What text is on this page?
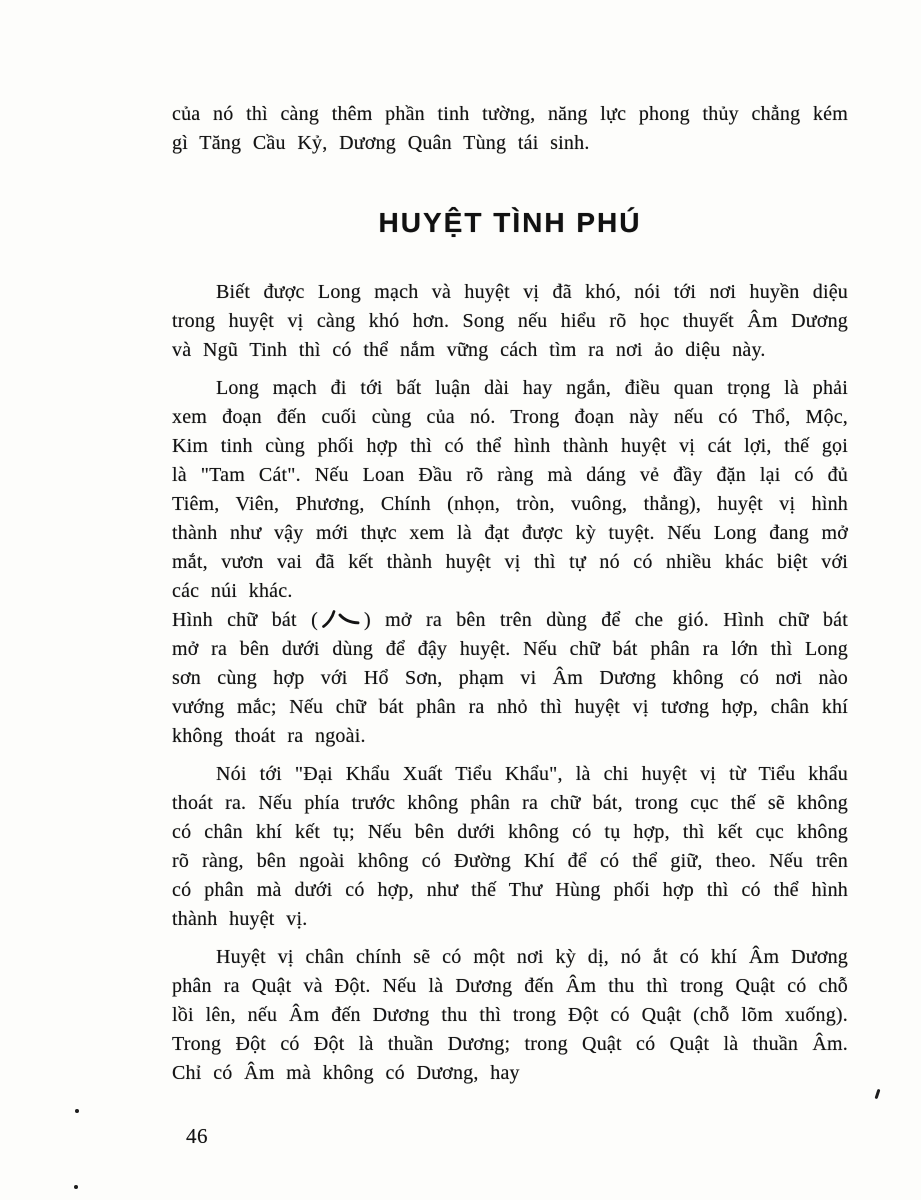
của nó thì càng thêm phần tinh tường, năng lực phong thủy chẳng kém gì Tăng Cầu Kỷ, Dương Quân Tùng tái sinh.

HUYỆT TÌNH PHÚ

Biết được Long mạch và huyệt vị đã khó, nói tới nơi huyền diệu trong huyệt vị càng khó hơn. Song nếu hiểu rõ học thuyết Âm Dương và Ngũ Tinh thì có thể nắm vững cách tìm ra nơi ảo diệu này.

Long mạch đi tới bất luận dài hay ngắn, điều quan trọng là phải xem đoạn đến cuối cùng của nó. Trong đoạn này nếu có Thổ, Mộc, Kim tinh cùng phối hợp thì có thể hình thành huyệt vị cát lợi, thế gọi là "Tam Cát". Nếu Loan Đầu rõ ràng mà dáng vẻ đầy đặn lại có đủ Tiêm, Viên, Phương, Chính (nhọn, tròn, vuông, thẳng), huyệt vị hình thành như vậy mới thực xem là đạt được kỳ tuyệt. Nếu Long đang mở mắt, vươn vai đã kết thành huyệt vị thì tự nó có nhiều khác biệt với các núi khác.

Hình chữ bát ( ) mở ra bên trên dùng để che gió. Hình chữ bát mở ra bên dưới dùng để đậy huyệt. Nếu chữ bát phân ra lớn thì Long sơn cùng hợp với Hổ Sơn, phạm vi Âm Dương không có nơi nào vướng mắc; Nếu chữ bát phân ra nhỏ thì huyệt vị tương hợp, chân khí không thoát ra ngoài.

Nói tới "Đại Khẩu Xuất Tiểu Khẩu", là chi huyệt vị từ Tiểu khẩu thoát ra. Nếu phía trước không phân ra chữ bát, trong cục thế sẽ không có chân khí kết tụ; Nếu bên dưới không có tụ hợp, thì kết cục không rõ ràng, bên ngoài không có Đường Khí để có thể giữ, theo. Nếu trên có phân mà dưới có hợp, như thế Thư Hùng phối hợp thì có thể hình thành huyệt vị.

Huyệt vị chân chính sẽ có một nơi kỳ dị, nó ắt có khí Âm Dương phân ra Quật và Đột. Nếu là Dương đến Âm thu thì trong Quật có chỗ lồi lên, nếu Âm đến Dương thu thì trong Đột có Quật (chỗ lõm xuống). Trong Đột có Đột là thuần Dương; trong Quật có Quật là thuần Âm. Chỉ có Âm mà không có Dương, hay

46
